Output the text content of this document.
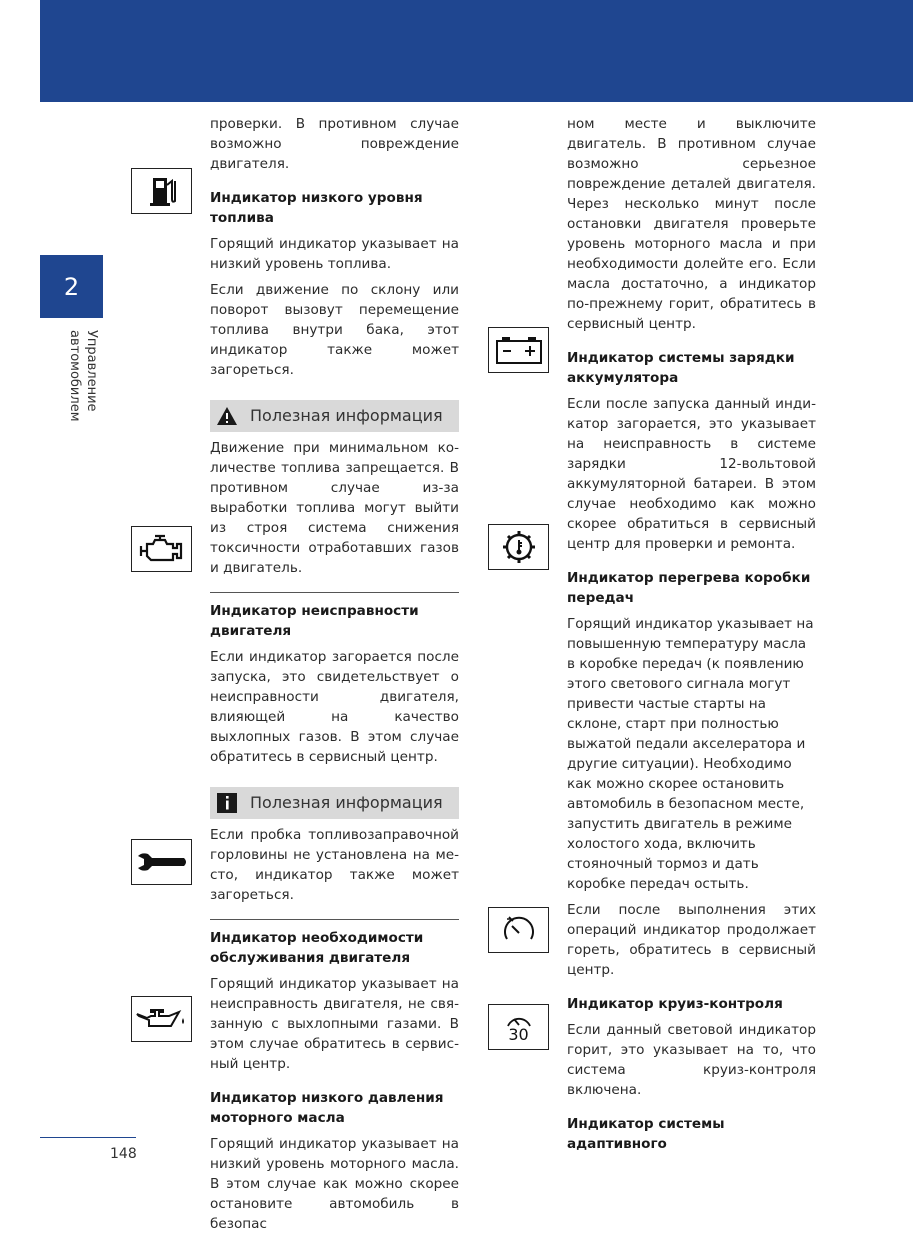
2
Управление автомобилем
30

проверки. В противном случае возможно повреждение двигателя.

Индикатор низкого уровня топлива

Горящий индикатор указывает на низкий уровень топлива.

Если движение по склону или поворот вызовут перемещение топлива внутри бака, этот индикатор также может загореться.

Полезная информация

Движение при минимальном количестве топлива запрещается. В противном случае из-за выработки топлива могут выйти из строя система снижения токсичности отработавших газов и двигатель.

Индикатор неисправности двигателя

Если индикатор загорается после запуска, это свидетельствует о неисправности двигателя, влияющей на качество выхлопных газов. В этом случае обратитесь в сервисный центр.

Полезная информация

Если пробка топливозаправочной горловины не установлена на место, индикатор также может загореться.

Индикатор необходимости обслуживания двигателя

Горящий индикатор указывает на неисправность двигателя, не связанную с выхлопными газами. В этом случае обратитесь в сервисный центр.

Индикатор низкого давления моторного масла

Горящий индикатор указывает на низкий уровень моторного масла. В этом случае как можно скорее остановите автомобиль в безопас

ном месте и выключите двигатель. В противном случае возможно серьезное повреждение деталей двигателя. Через несколько минут после остановки двигателя проверьте уровень моторного масла и при необходимости долейте его. Если масла достаточно, а индикатор по-прежнему горит, обратитесь в сервисный центр.

Индикатор системы зарядки аккумулятора

Если после запуска данный индикатор загорается, это указывает на неисправность в системе зарядки 12-вольтовой аккумуляторной батареи. В этом случае необходимо как можно скорее обратиться в сервисный центр для проверки и ремонта.

Индикатор перегрева коробки передач

Горящий индикатор указывает на повышенную температуру масла в коробке передач (к появлению этого светового сигнала могут привести частые старты на склоне, старт при полностью выжатой педали акселератора и другие ситуации). Необходимо как можно скорее остановить автомобиль в безопасном месте, запустить двигатель в режиме холостого хода, включить стояночный тормоз и дать коробке передач остыть.

Если после выполнения этих операций индикатор продолжает гореть, обратитесь в сервисный центр.

Индикатор круиз-контроля

Если данный световой индикатор горит, это указывает на то, что система круиз-контроля включена.

Индикатор системы адаптивного
148
